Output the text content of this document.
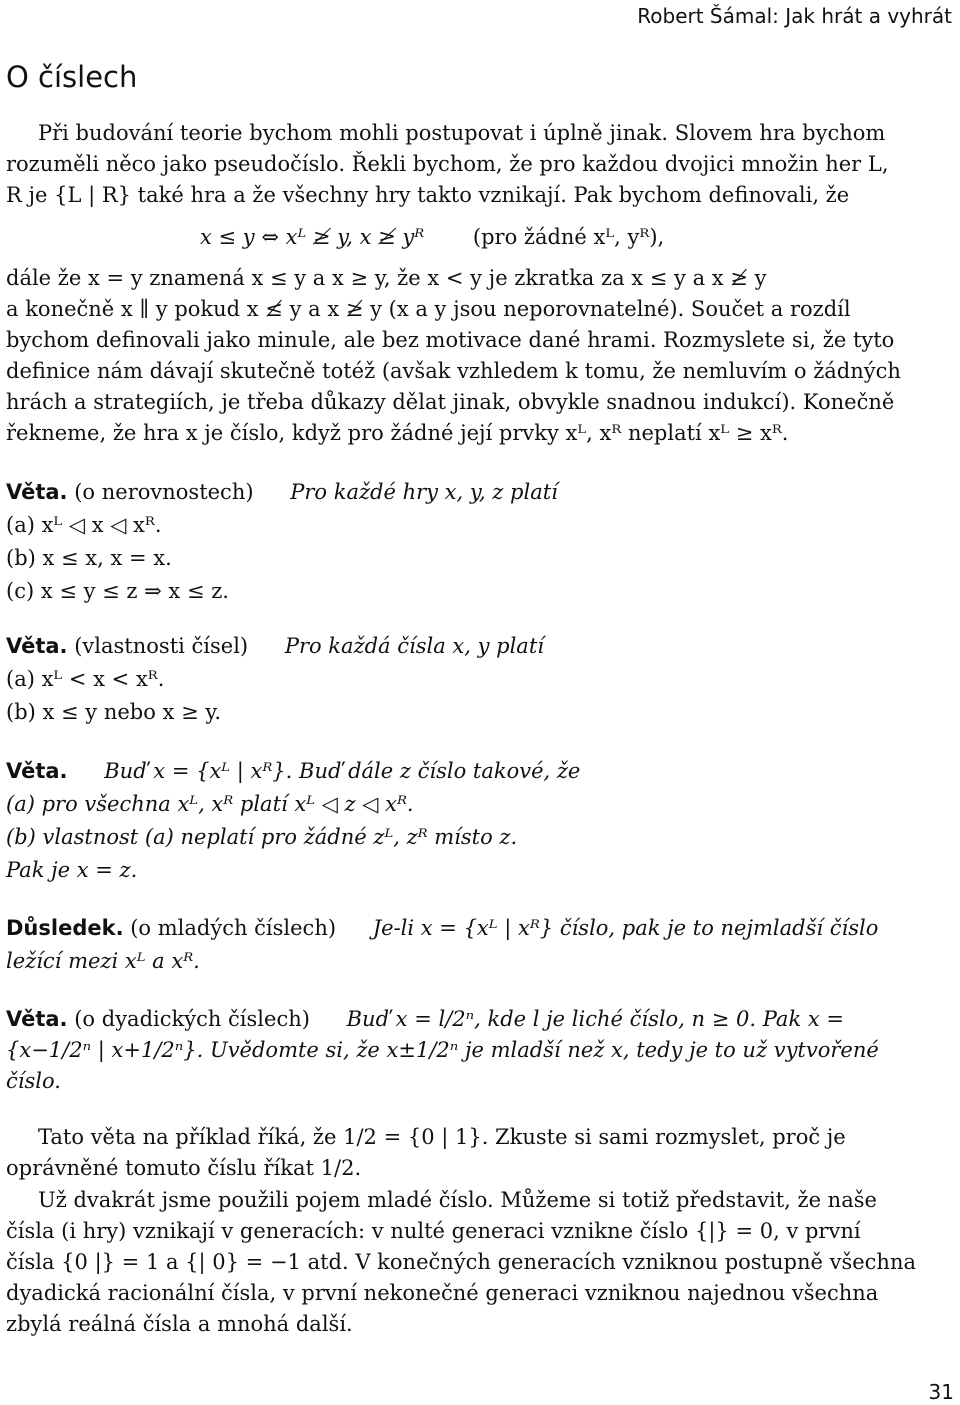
Robert Šámal: Jak hrát a vyhrát
O číslech

Při budování teorie bychom mohli postupovat i úplně jinak. Slovem hra bychom

rozuměli něco jako pseudočíslo. Řekli bychom, že pro každou dvojici množin her L,

R je {L | R} také hra a že všechny hry takto vznikají. Pak bychom definovali, že

x ≤ y ⇔ xᴸ ≱ y, x ≱ yᴿ (pro žádné xᴸ, yᴿ),

dále že x = y znamená x ≤ y a x ≥ y, že x < y je zkratka za x ≤ y a x ≱ y

a konečně x ∥ y pokud x ≰ y a x ≱ y (x a y jsou neporovnatelné). Součet a rozdíl

bychom definovali jako minule, ale bez motivace dané hrami. Rozmyslete si, že tyto

definice nám dávají skutečně totéž (avšak vzhledem k tomu, že nemluvím o žádných

hrách a strategiích, je třeba důkazy dělat jinak, obvykle snadnou indukcí). Konečně

řekneme, že hra x je číslo, když pro žádné její prvky xᴸ, xᴿ neplatí xᴸ ≥ xᴿ.

Věta. (o nerovnostech) Pro každé hry x, y, z platí

(a) xᴸ ◁ x ◁ xᴿ.

(b) x ≤ x, x = x.

(c) x ≤ y ≤ z ⇒ x ≤ z.

Věta. (vlastnosti čísel) Pro každá čísla x, y platí

(a) xᴸ < x < xᴿ.

(b) x ≤ y nebo x ≥ y.

Věta. Buď x = {xᴸ | xᴿ}. Buď dále z číslo takové, že

(a) pro všechna xᴸ, xᴿ platí xᴸ ◁ z ◁ xᴿ.

(b) vlastnost (a) neplatí pro žádné zᴸ, zᴿ místo z.

Pak je x = z.

Důsledek. (o mladých číslech) Je-li x = {xᴸ | xᴿ} číslo, pak je to nejmladší číslo

ležící mezi xᴸ a xᴿ.

Věta. (o dyadických číslech) Buď x = l/2ⁿ, kde l je liché číslo, n ≥ 0. Pak x =

{x−1/2ⁿ | x+1/2ⁿ}. Uvědomte si, že x±1/2ⁿ je mladší než x, tedy je to už vytvořené

číslo.

Tato věta na příklad říká, že 1/2 = {0 | 1}. Zkuste si sami rozmyslet, proč je

oprávněné tomuto číslu říkat 1/2.

Už dvakrát jsme použili pojem mladé číslo. Můžeme si totiž představit, že naše

čísla (i hry) vznikají v generacích: v nulté generaci vznikne číslo {|} = 0, v první

čísla {0 |} = 1 a {| 0} = −1 atd. V konečných generacích vzniknou postupně všechna

dyadická racionální čísla, v první nekonečné generaci vzniknou najednou všechna

zbylá reálná čísla a mnohá další.

31
